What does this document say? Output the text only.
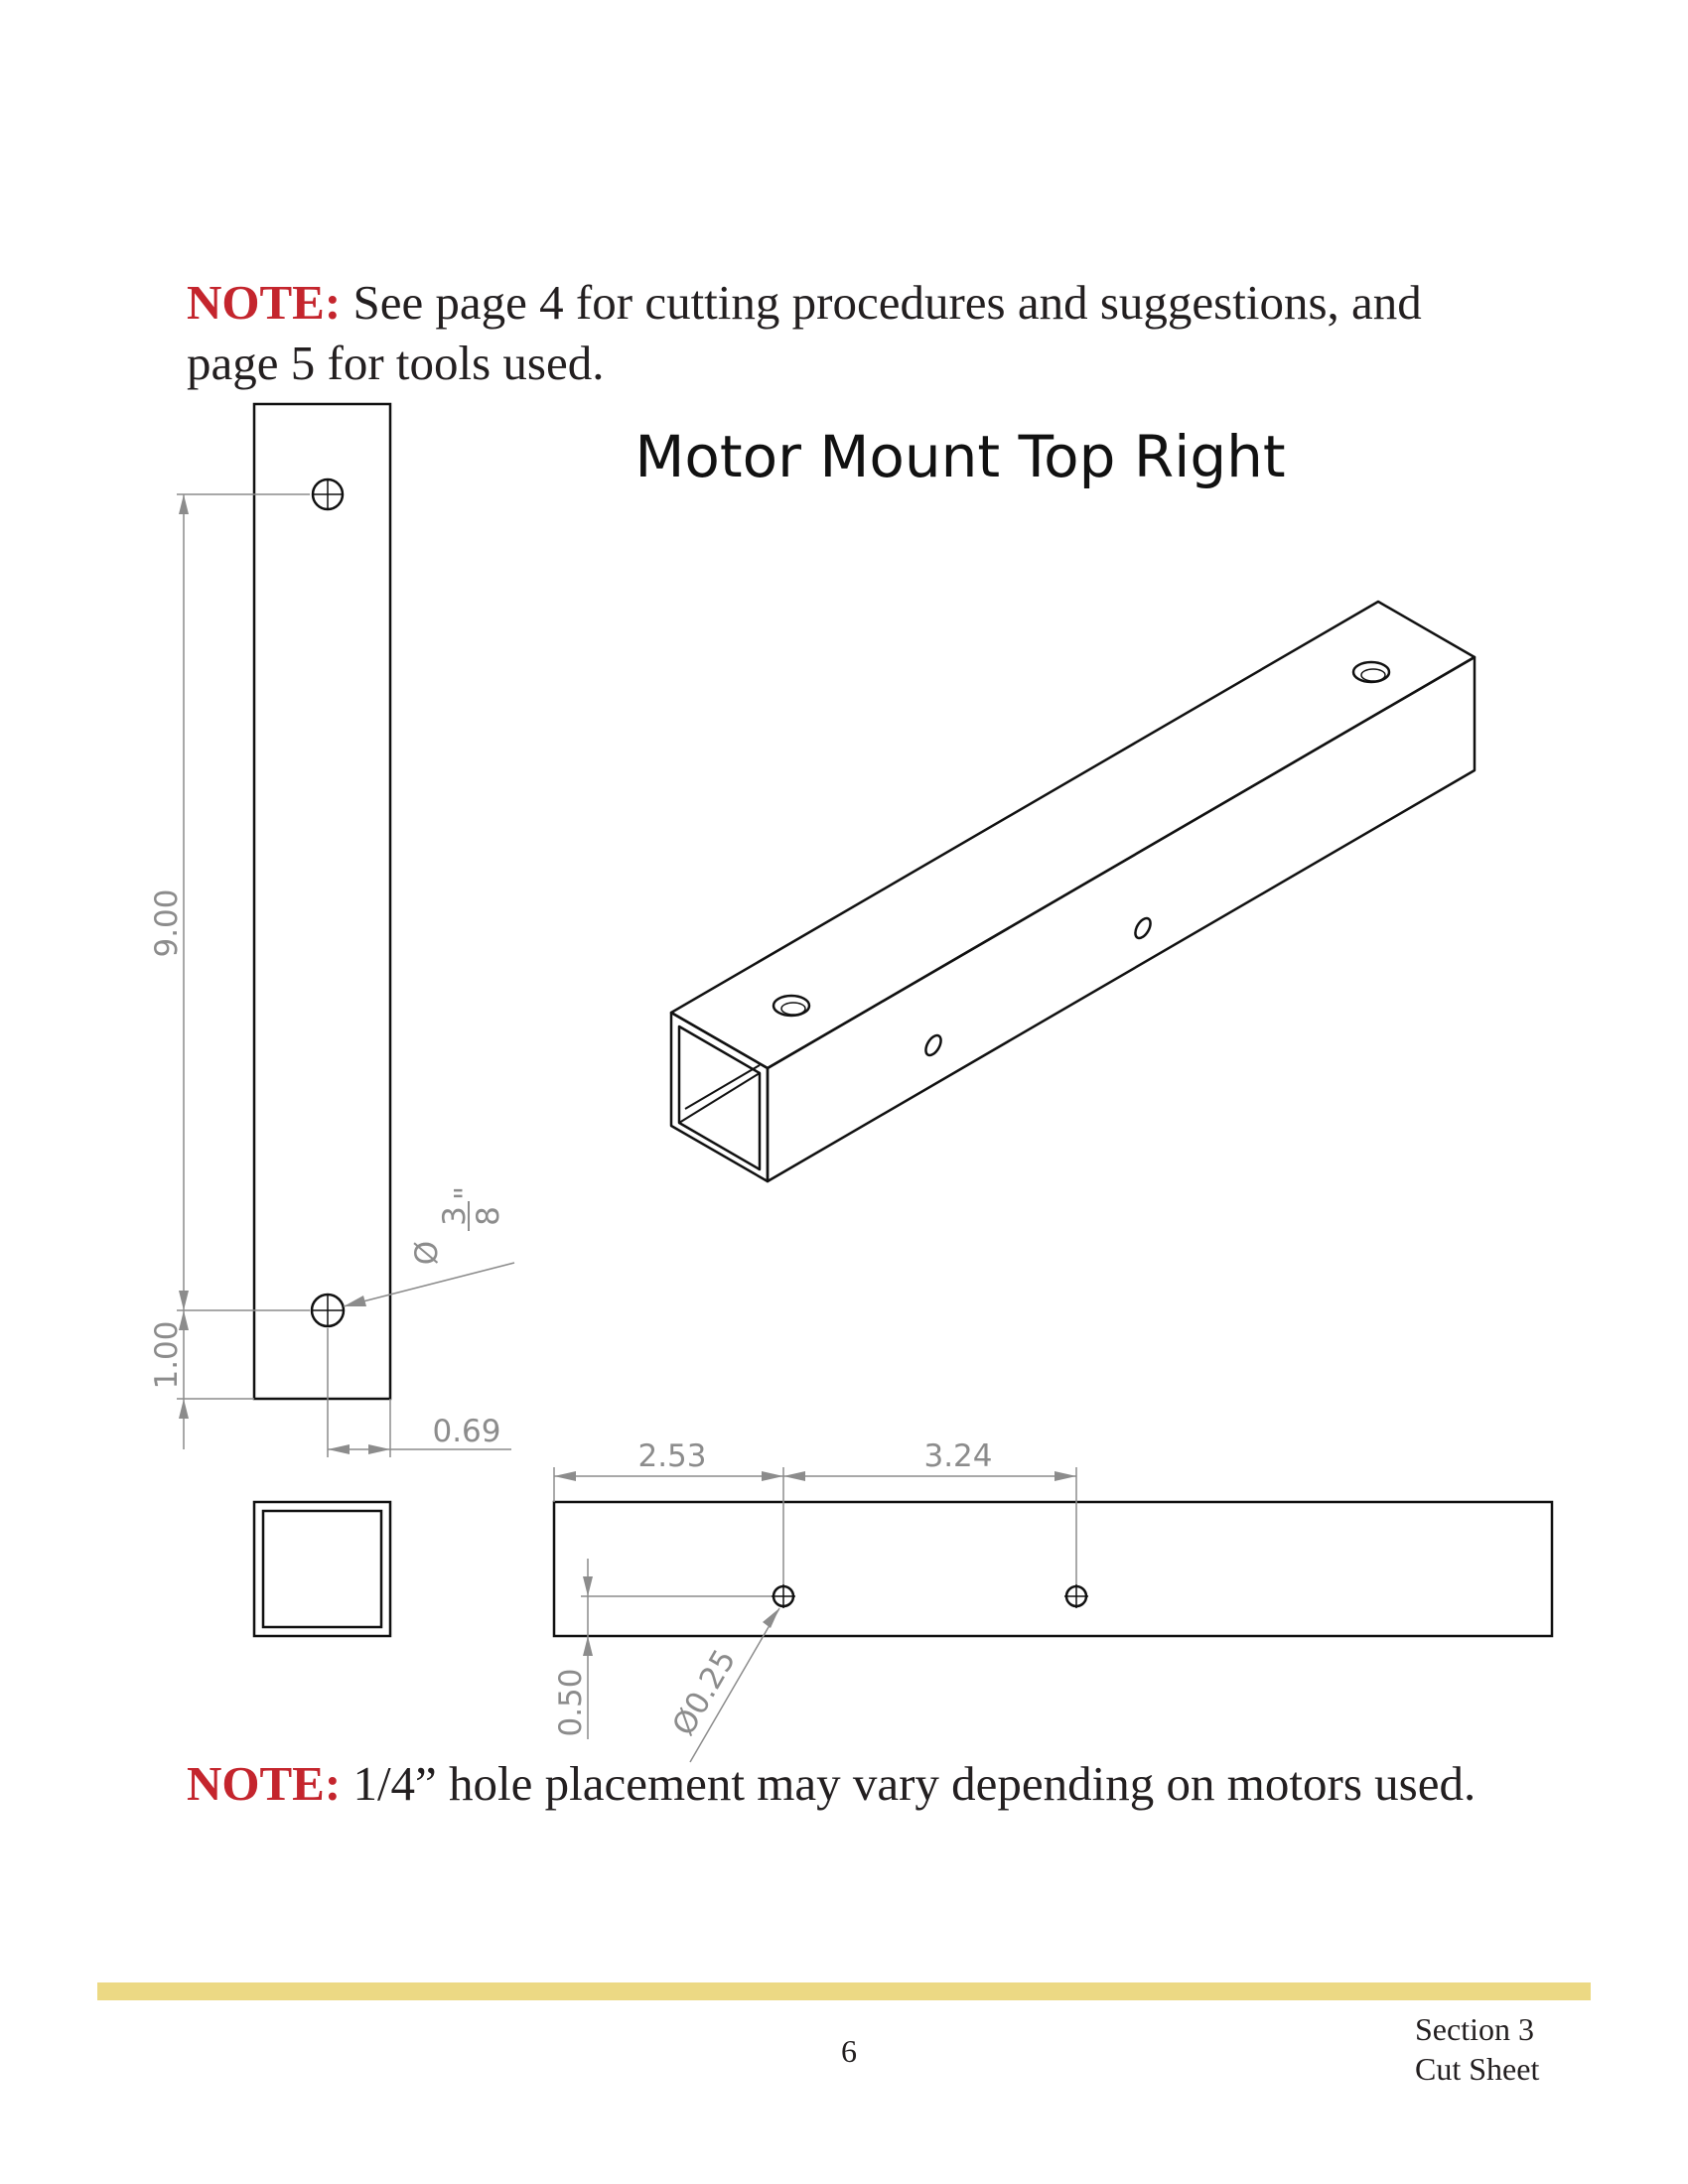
NOTE: See page 4 for cutting procedures and suggestions, and page 5 for tools used.
Motor Mount Top Right
9.00
1.00
0.69
Ø
3
8
"
2.53	3.24
0.50 Ø0.25
NOTE: 1/4” hole placement may vary depending on motors used.
6
Section 3
Cut Sheet
